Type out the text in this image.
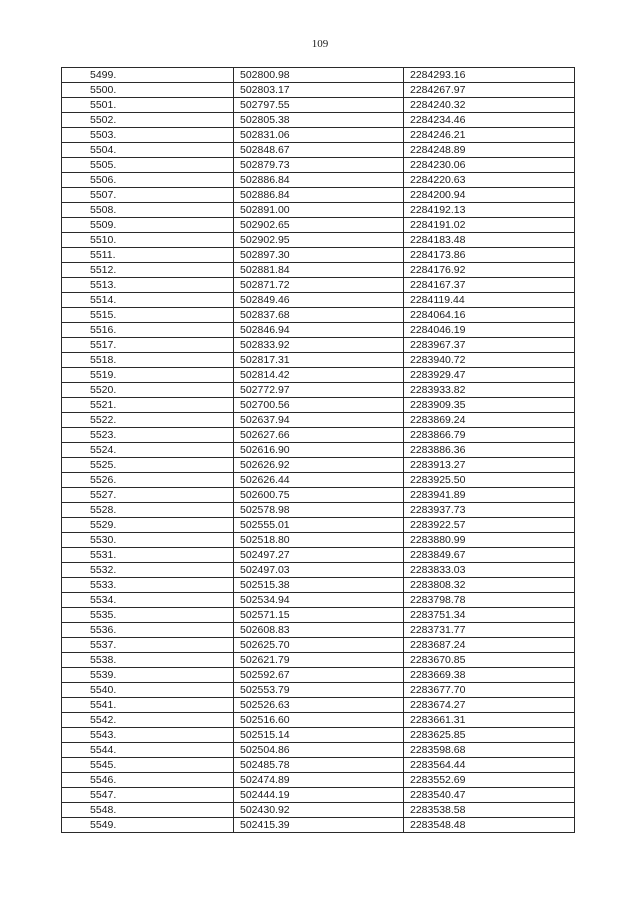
109
5499.	502800.98	2284293.16
5500.	502803.17	2284267.97
5501.	502797.55	2284240.32
5502.	502805.38	2284234.46
5503.	502831.06	2284246.21
5504.	502848.67	2284248.89
5505.	502879.73	2284230.06
5506.	502886.84	2284220.63
5507.	502886.84	2284200.94
5508.	502891.00	2284192.13
5509.	502902.65	2284191.02
5510.	502902.95	2284183.48
5511.	502897.30	2284173.86
5512.	502881.84	2284176.92
5513.	502871.72	2284167.37
5514.	502849.46	2284119.44
5515.	502837.68	2284064.16
5516.	502846.94	2284046.19
5517.	502833.92	2283967.37
5518.	502817.31	2283940.72
5519.	502814.42	2283929.47
5520.	502772.97	2283933.82
5521.	502700.56	2283909.35
5522.	502637.94	2283869.24
5523.	502627.66	2283866.79
5524.	502616.90	2283886.36
5525.	502626.92	2283913.27
5526.	502626.44	2283925.50
5527.	502600.75	2283941.89
5528.	502578.98	2283937.73
5529.	502555.01	2283922.57
5530.	502518.80	2283880.99
5531.	502497.27	2283849.67
5532.	502497.03	2283833.03
5533.	502515.38	2283808.32
5534.	502534.94	2283798.78
5535.	502571.15	2283751.34
5536.	502608.83	2283731.77
5537.	502625.70	2283687.24
5538.	502621.79	2283670.85
5539.	502592.67	2283669.38
5540.	502553.79	2283677.70
5541.	502526.63	2283674.27
5542.	502516.60	2283661.31
5543.	502515.14	2283625.85
5544.	502504.86	2283598.68
5545.	502485.78	2283564.44
5546.	502474.89	2283552.69
5547.	502444.19	2283540.47
5548.	502430.92	2283538.58
5549.	502415.39	2283548.48
